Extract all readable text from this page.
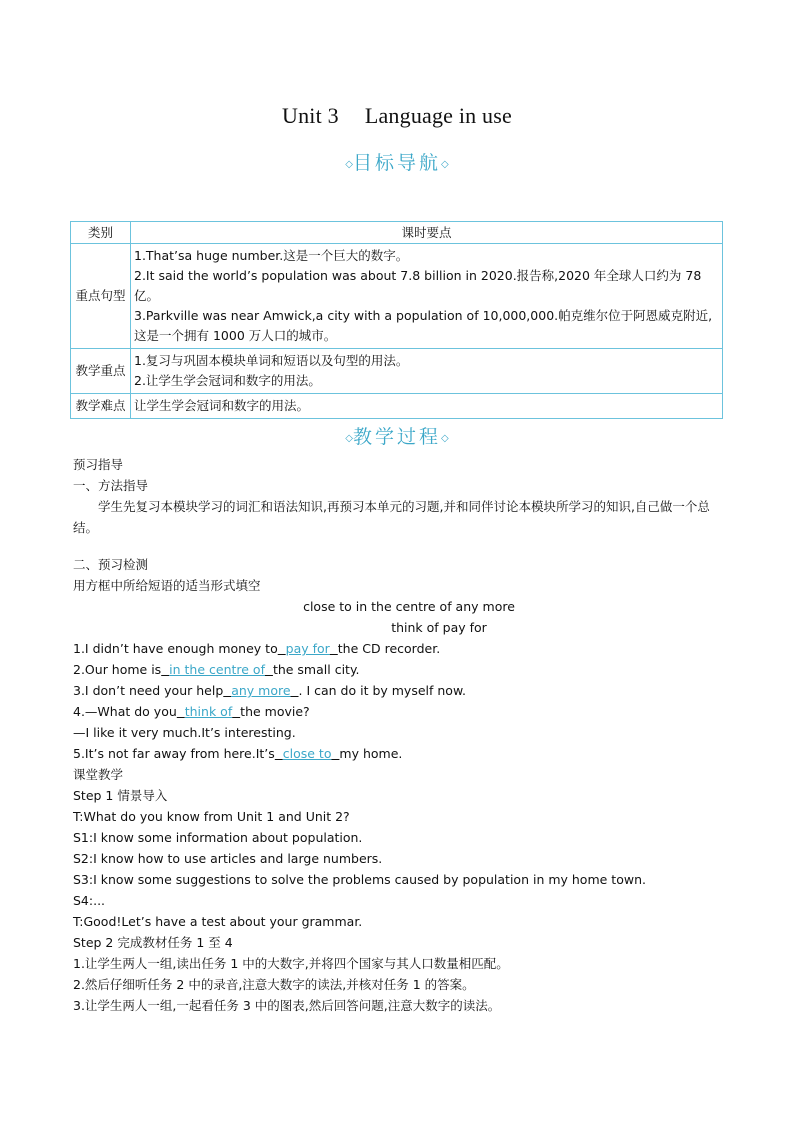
Unit 3 Language in use
◇目标导航◇
类别	课时要点
重点句型	1.That’sa huge number.这是一个巨大的数字。
2.It said the world’s population was about 7.8 billion in 2020.报告称,2020 年全球人口约为 78 亿。
3.Parkville was near Amwick,a city with a population of 10,000,000.帕克维尔位于阿恩威克附近,这是一个拥有 1000 万人口的城市。

教学重点	1.复习与巩固本模块单词和短语以及句型的用法。
2.让学生学会冠词和数字的用法。

教学难点	让学生学会冠词和数字的用法。
◇教学过程◇
预习指导
一、方法指导
学生先复习本模块学习的词汇和语法知识,再预习本单元的习题,并和同伴讨论本模块所学习的知识,自己做一个总结。
二、预习检测
用方框中所给短语的适当形式填空
close to in the centre of any more
think of pay for
1.I didn’t have enough money to pay for the CD recorder.
2.Our home is in the centre of the small city.
3.I don’t need your help any more . I can do it by myself now.
4.—What do you think of the movie?
—I like it very much.It’s interesting.
5.It’s not far away from here.It’s close to my home.
课堂教学
Step 1 情景导入
T:What do you know from Unit 1 and Unit 2?
S1:I know some information about population.
S2:I know how to use articles and large numbers.
S3:I know some suggestions to solve the problems caused by population in my home town.
S4:...
T:Good!Let’s have a test about your grammar.
Step 2 完成教材任务 1 至 4
1.让学生两人一组,读出任务 1 中的大数字,并将四个国家与其人口数量相匹配。
2.然后仔细听任务 2 中的录音,注意大数字的读法,并核对任务 1 的答案。
3.让学生两人一组,一起看任务 3 中的图表,然后回答问题,注意大数字的读法。
